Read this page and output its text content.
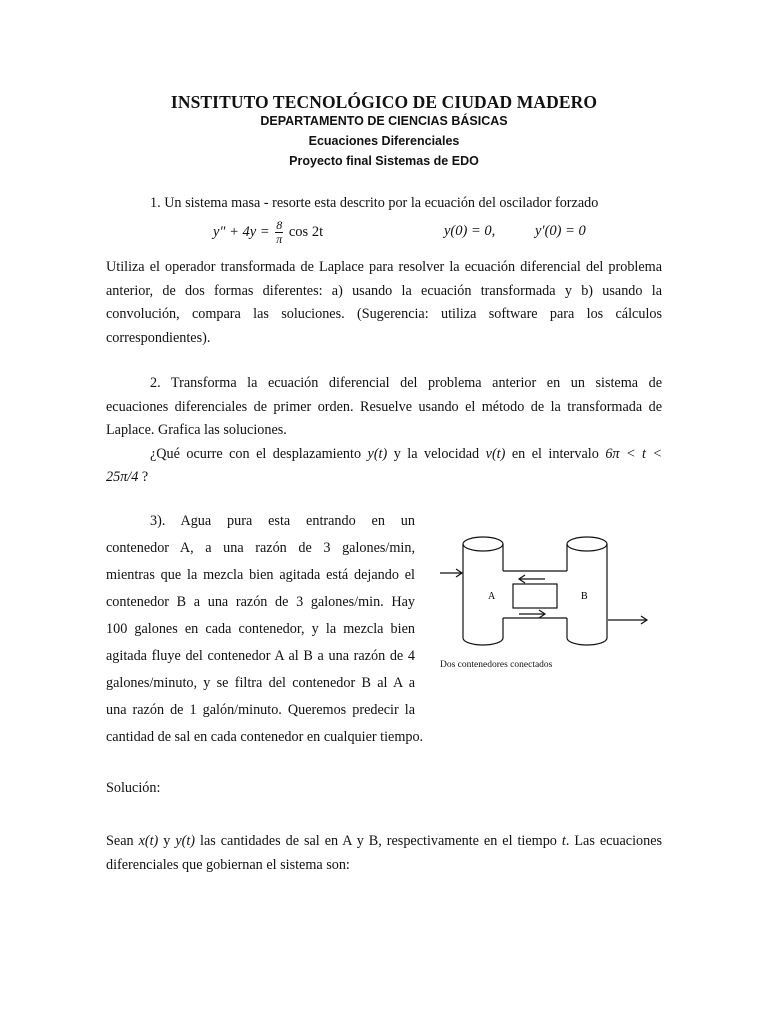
INSTITUTO TECNOLÓGICO DE CIUDAD MADERO
DEPARTAMENTO DE CIENCIAS BÁSICAS
Ecuaciones Diferenciales
Proyecto final Sistemas de EDO
1. Un sistema masa - resorte esta descrito por la ecuación del oscilador forzado
$y'' + 4y = \frac{8}{\pi}$ cos 2t	y(0) = 0,	y′(0) = 0
Utiliza el operador transformada de Laplace para resolver la ecuación diferencial del problema
anterior, de dos formas diferentes: a) usando la ecuación transformada y b) usando la
convolución, compara las soluciones. (Sugerencia: utiliza software para los cálculos
correspondientes).
2. Transforma la ecuación diferencial del problema anterior en un sistema de
ecuaciones diferenciales de primer orden. Resuelve usando el método de la transformada de
Laplace. Grafica las soluciones.
¿Qué ocurre con el desplazamiento y(t) y la velocidad v(t) en el intervalo 6π < t <
25π/4 ?
3). Agua pura esta entrando en un
contenedor A, a una razón de 3 galones/min,
mientras que la mezcla bien agitada está dejando el
contenedor B a una razón de 3 galones/min. Hay
100 galones en cada contenedor, y la mezcla bien
agitada fluye del contenedor A al B a una razón de 4
galones/minuto, y se filtra del contenedor B al A a
una razón de 1 galón/minuto. Queremos predecir la
cantidad de sal en cada contenedor en cualquier tiempo.
A	B
Dos contenedores conectados
Solución:
Sean x(t) y y(t) las cantidades de sal en A y B, respectivamente en el tiempo t. Las ecuaciones
diferenciales que gobiernan el sistema son:
